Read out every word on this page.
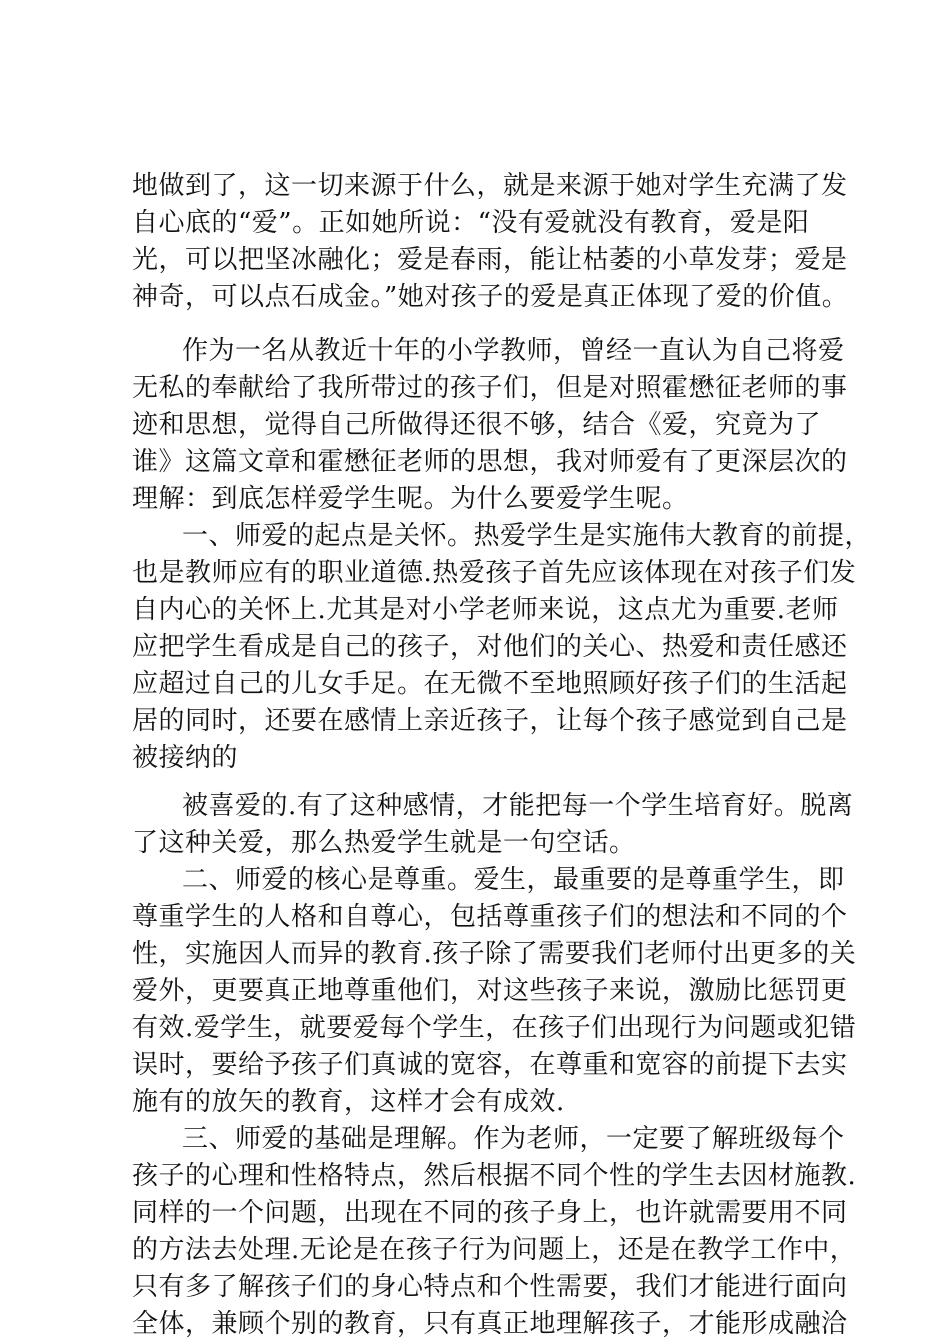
地做到了，这一切来源于什么，就是来源于她对学生充满了发
自心底的“爱”。正如她所说：“没有爱就没有教育，爱是阳
光，可以把坚冰融化；爱是春雨，能让枯萎的小草发芽；爱是
神奇，可以点石成金。”她对孩子的爱是真正体现了爱的价值。
作为一名从教近十年的小学教师，曾经一直认为自己将爱
无私的奉献给了我所带过的孩子们，但是对照霍懋征老师的事
迹和思想，觉得自己所做得还很不够，结合《爱，究竟为了
谁》这篇文章和霍懋征老师的思想，我对师爱有了更深层次的
理解：到底怎样爱学生呢。为什么要爱学生呢。
一、师爱的起点是关怀。热爱学生是实施伟大教育的前提，
也是教师应有的职业道德.热爱孩子首先应该体现在对孩子们发
自内心的关怀上.尤其是对小学老师来说，这点尤为重要.老师
应把学生看成是自己的孩子，对他们的关心、热爱和责任感还
应超过自己的儿女手足。在无微不至地照顾好孩子们的生活起
居的同时，还要在感情上亲近孩子，让每个孩子感觉到自己是
被接纳的
被喜爱的.有了这种感情，才能把每一个学生培育好。脱离
了这种关爱，那么热爱学生就是一句空话。
二、师爱的核心是尊重。爱生，最重要的是尊重学生，即
尊重学生的人格和自尊心，包括尊重孩子们的想法和不同的个
性，实施因人而异的教育.孩子除了需要我们老师付出更多的关
爱外，更要真正地尊重他们，对这些孩子来说，激励比惩罚更
有效.爱学生，就要爱每个学生，在孩子们出现行为问题或犯错
误时，要给予孩子们真诚的宽容，在尊重和宽容的前提下去实
施有的放矢的教育，这样才会有成效.
三、师爱的基础是理解。作为老师，一定要了解班级每个
孩子的心理和性格特点，然后根据不同个性的学生去因材施教.
同样的一个问题，出现在不同的孩子身上，也许就需要用不同
的方法去处理.无论是在孩子行为问题上，还是在教学工作中，
只有多了解孩子们的身心特点和个性需要，我们才能进行面向
全体，兼顾个别的教育，只有真正地理解孩子，才能形成融洽
